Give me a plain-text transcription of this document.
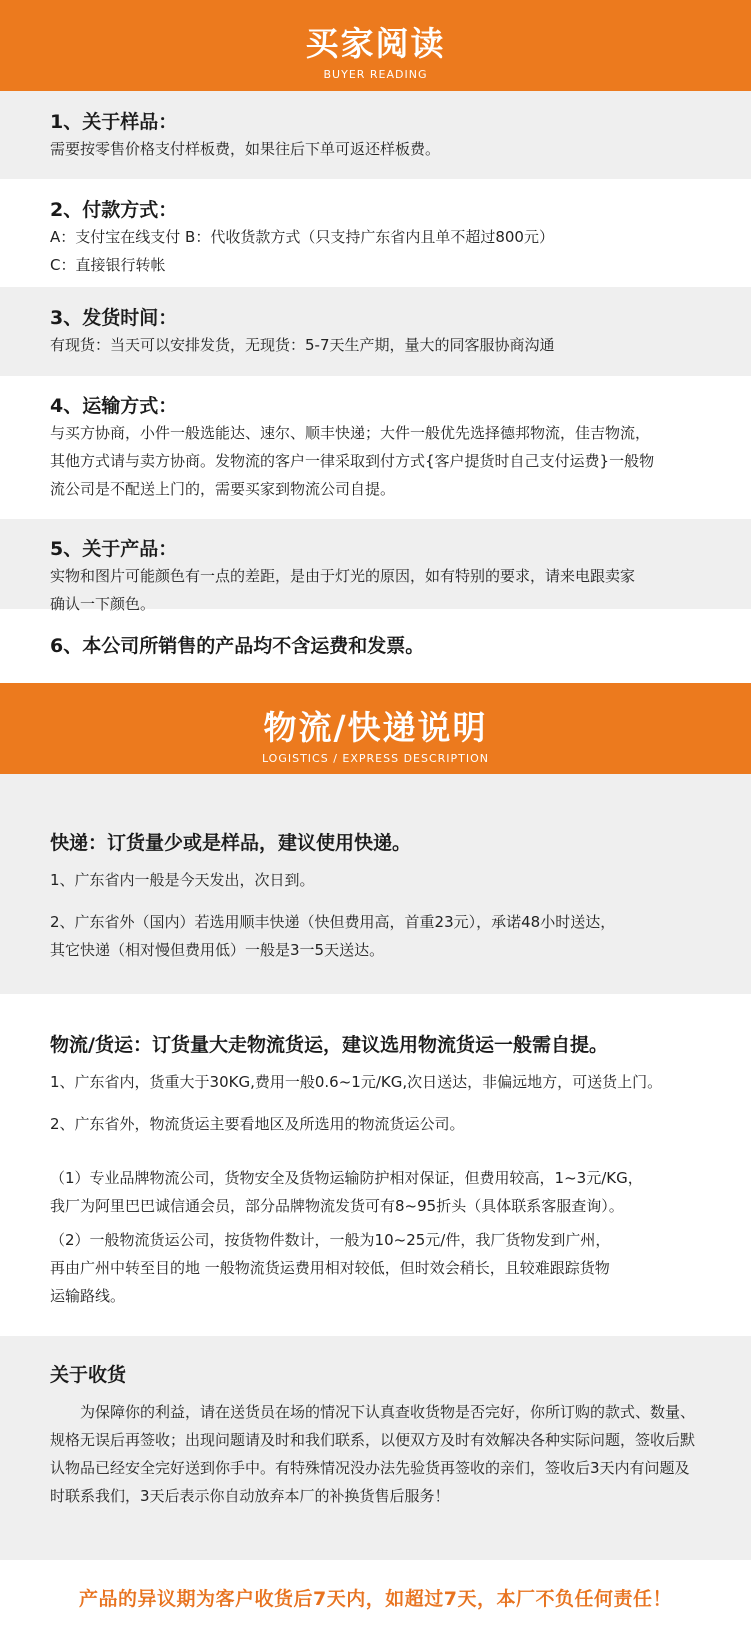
买家阅读
BUYER READING
1、关于样品：
需要按零售价格支付样板费，如果往后下单可返还样板费。
2、付款方式：
A：支付宝在线支付 B：代收货款方式（只支持广东省内且单不超过800元）
C：直接银行转帐
3、发货时间：
有现货：当天可以安排发货，无现货：5-7天生产期，量大的同客服协商沟通
4、运输方式：
与买方协商，小件一般选能达、速尔、顺丰快递；大件一般优先选择德邦物流，佳吉物流，
其他方式请与卖方协商。发物流的客户一律采取到付方式{客户提货时自己支付运费}一般物
流公司是不配送上门的，需要买家到物流公司自提。
5、关于产品：
实物和图片可能颜色有一点的差距，是由于灯光的原因，如有特别的要求，请来电跟卖家
确认一下颜色。
6、本公司所销售的产品均不含运费和发票。
物流/快递说明
LOGISTICS / EXPRESS DESCRIPTION
快递：订货量少或是样品，建议使用快递。
1、广东省内一般是今天发出，次日到。
2、广东省外（国内）若选用顺丰快递（快但费用高，首重23元），承诺48小时送达，
其它快递（相对慢但费用低）一般是3一5天送达。
物流/货运：订货量大走物流货运，建议选用物流货运一般需自提。
1、广东省内，货重大于30KG,费用一般0.6~1元/KG,次日送达，非偏远地方，可送货上门。
2、广东省外，物流货运主要看地区及所选用的物流货运公司。
（1）专业品牌物流公司，货物安全及货物运输防护相对保证，但费用较高，1~3元/KG，
我厂为阿里巴巴诚信通会员，部分品牌物流发货可有8~95折头（具体联系客服查询）。
（2）一般物流货运公司，按货物件数计，一般为10~25元/件，我厂货物发到广州，
再由广州中转至目的地 一般物流货运费用相对较低，但时效会稍长，且较难跟踪货物
运输路线。
关于收货
为保障你的利益，请在送货员在场的情况下认真查收货物是否完好，你所订购的款式、数量、规格无误后再签收；出现问题请及时和我们联系，以便双方及时有效解决各种实际问题，签收后默认物品已经安全完好送到你手中。有特殊情况没办法先验货再签收的亲们，签收后3天内有问题及时联系我们，3天后表示你自动放弃本厂的补换货售后服务！
产品的异议期为客户收货后7天内，如超过7天，本厂不负任何责任！
